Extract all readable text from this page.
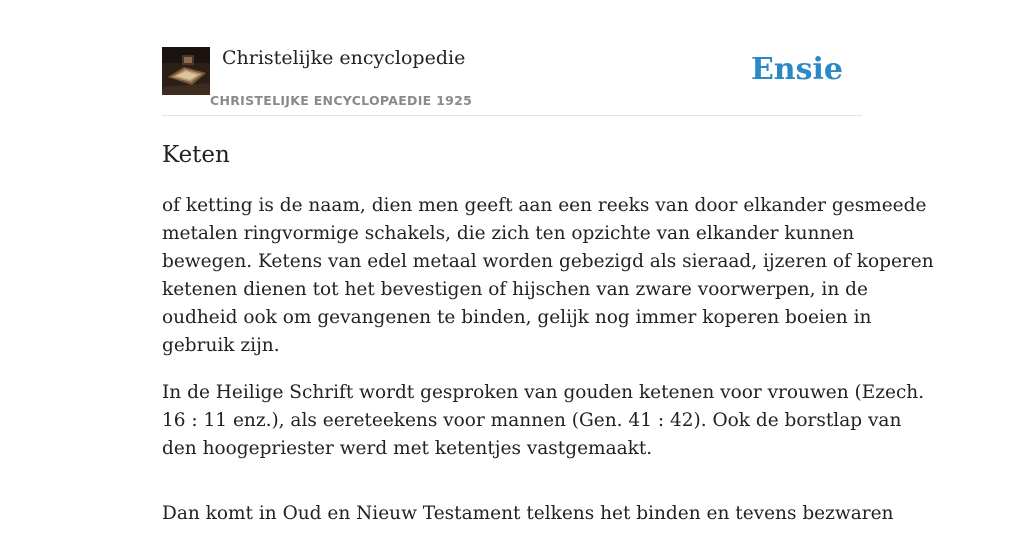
Christelijke encyclopedie
CHRISTELIJKE ENCYCLOPAEDIE 1925
Ensie
Keten

of ketting is de naam, dien men geeft aan een reeks van door elkander gesmeede
metalen ringvormige schakels, die zich ten opzichte van elkander kunnen
bewegen. Ketens van edel metaal worden gebezigd als sieraad, ijzeren of koperen
ketenen dienen tot het bevestigen of hijschen van zware voorwerpen, in de
oudheid ook om gevangenen te binden, gelijk nog immer koperen boeien in
gebruik zijn.

In de Heilige Schrift wordt gesproken van gouden ketenen voor vrouwen (Ezech.
16 : 11 enz.), als eereteekens voor mannen (Gen. 41 : 42). Ook de borstlap van
den hoogepriester werd met ketentjes vastgemaakt.

Dan komt in Oud en Nieuw Testament telkens het binden en tevens bezwaren
